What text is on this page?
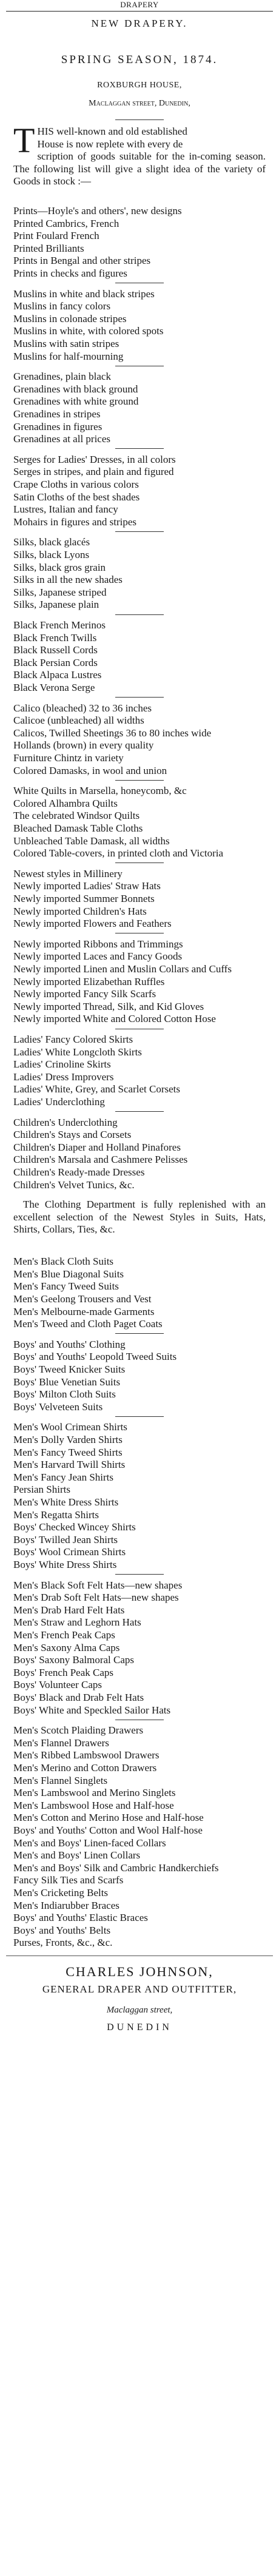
DRAPERY
NEW DRAPERY.
SPRING SEASON, 1874.
ROXBURGH HOUSE,
Maclaggan street, Dunedin,
T HIS well-known and old established
House is now replete with every de
scription of goods suitable for the in-coming season. The following list will give a slight idea of the variety of Goods in stock :—
Prints—Hoyle's and others', new designs
Printed Cambrics, French
Print Foulard French
Printed Brilliants
Prints in Bengal and other stripes
Prints in checks and figures
Muslins in white and black stripes
Muslins in fancy colors
Muslins in colonade stripes
Muslins in white, with colored spots
Muslins with satin stripes
Muslins for half-mourning
Grenadines, plain black
Grenadines with black ground
Grenadines with white ground
Grenadines in stripes
Grenadines in figures
Grenadines at all prices
Serges for Ladies' Dresses, in all colors
Serges in stripes, and plain and figured
Crape Cloths in various colors
Satin Cloths of the best shades
Lustres, Italian and fancy
Mohairs in figures and stripes
Silks, black glacés
Silks, black Lyons
Silks, black gros grain
Silks in all the new shades
Silks, Japanese striped
Silks, Japanese plain
Black French Merinos
Black French Twills
Black Russell Cords
Black Persian Cords
Black Alpaca Lustres
Black Verona Serge
Calico (bleached) 32 to 36 inches
Calicoe (unbleached) all widths
Calicos, Twilled Sheetings 36 to 80 inches wide
Hollands (brown) in every quality
Furniture Chintz in variety
Colored Damasks, in wool and union
White Quilts in Marsella, honeycomb, &c
Colored Alhambra Quilts
The celebrated Windsor Quilts
Bleached Damask Table Cloths
Unbleached Table Damask, all widths
Colored Table-covers, in printed cloth and Victoria
Newest styles in Millinery
Newly imported Ladies' Straw Hats
Newly imported Summer Bonnets
Newly imported Children's Hats
Newly imported Flowers and Feathers
Newly imported Ribbons and Trimmings
Newly imported Laces and Fancy Goods
Newly imported Linen and Muslin Collars and Cuffs
Newly imported Elizabethan Ruffles
Newly imported Fancy Silk Scarfs
Newly imported Thread, Silk, and Kid Gloves
Newly imported White and Colored Cotton Hose
Ladies' Fancy Colored Skirts
Ladies' White Longcloth Skirts
Ladies' Crinoline Skirts
Ladies' Dress Improvers
Ladies' White, Grey, and Scarlet Corsets
Ladies' Underclothing
Children's Underclothing
Children's Stays and Corsets
Children's Diaper and Holland Pinafores
Children's Marsala and Cashmere Pelisses
Children's Ready-made Dresses
Children's Velvet Tunics, &c.
The Clothing Department is fully replenished with an excellent selection of the Newest Styles in Suits, Hats, Shirts, Collars, Ties, &c.
Men's Black Cloth Suits
Men's Blue Diagonal Suits
Men's Fancy Tweed Suits
Men's Geelong Trousers and Vest
Men's Melbourne-made Garments
Men's Tweed and Cloth Paget Coats
Boys' and Youths' Clothing
Boys' and Youths' Leopold Tweed Suits
Boys' Tweed Knicker Suits
Boys' Blue Venetian Suits
Boys' Milton Cloth Suits
Boys' Velveteen Suits
Men's Wool Crimean Shirts
Men's Dolly Varden Shirts
Men's Fancy Tweed Shirts
Men's Harvard Twill Shirts
Men's Fancy Jean Shirts
Persian Shirts
Men's White Dress Shirts
Men's Regatta Shirts
Boys' Checked Wincey Shirts
Boys' Twilled Jean Shirts
Boys' Wool Crimean Shirts
Boys' White Dress Shirts
Men's Black Soft Felt Hats—new shapes
Men's Drab Soft Felt Hats—new shapes
Men's Drab Hard Felt Hats
Men's Straw and Leghorn Hats
Men's French Peak Caps
Men's Saxony Alma Caps
Boys' Saxony Balmoral Caps
Boys' French Peak Caps
Boys' Volunteer Caps
Boys' Black and Drab Felt Hats
Boys' White and Speckled Sailor Hats
Men's Scotch Plaiding Drawers
Men's Flannel Drawers
Men's Ribbed Lambswool Drawers
Men's Merino and Cotton Drawers
Men's Flannel Singlets
Men's Lambswool and Merino Singlets
Men's Lambswool Hose and Half-hose
Men's Cotton and Merino Hose and Half-hose
Boys' and Youths' Cotton and Wool Half-hose
Men's and Boys' Linen-faced Collars
Men's and Boys' Linen Collars
Men's and Boys' Silk and Cambric Handkerchiefs
Fancy Silk Ties and Scarfs
Men's Cricketing Belts
Men's Indiarubber Braces
Boys' and Youths' Elastic Braces
Boys' and Youths' Belts
Purses, Fronts, &c., &c.
CHARLES JOHNSON,
GENERAL DRAPER AND OUTFITTER,
Maclaggan street,
DUNEDIN
